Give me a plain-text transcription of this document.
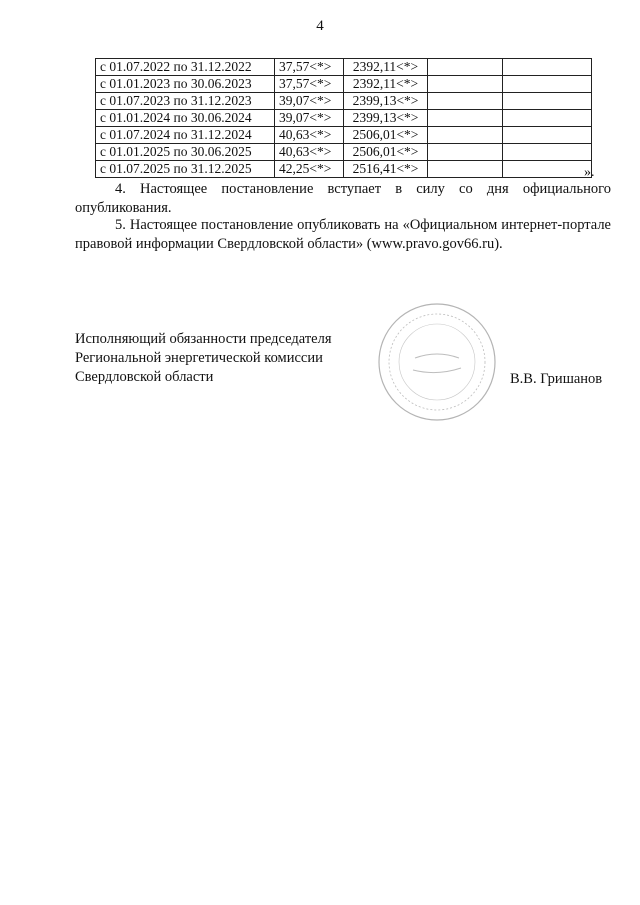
4
с 01.07.2022 по 31.12.2022	37,57<*>	2392,11<*>		
с 01.01.2023 по 30.06.2023	37,57<*>	2392,11<*>		
с 01.07.2023 по 31.12.2023	39,07<*>	2399,13<*>		
с 01.01.2024 по 30.06.2024	39,07<*>	2399,13<*>		
с 01.07.2024 по 31.12.2024	40,63<*>	2506,01<*>		
с 01.01.2025 по 30.06.2025	40,63<*>	2506,01<*>		
с 01.07.2025 по 31.12.2025	42,25<*>	2516,41<*>			».
4. Настоящее постановление вступает в силу со дня официального опубликования.
5. Настоящее постановление опубликовать на «Официальном интернет-портале правовой информации Свердловской области» (www.pravo.gov66.ru).
Исполняющий обязанности председателя
Региональной энергетической комиссии
Свердловской области	В.В. Гришанов
